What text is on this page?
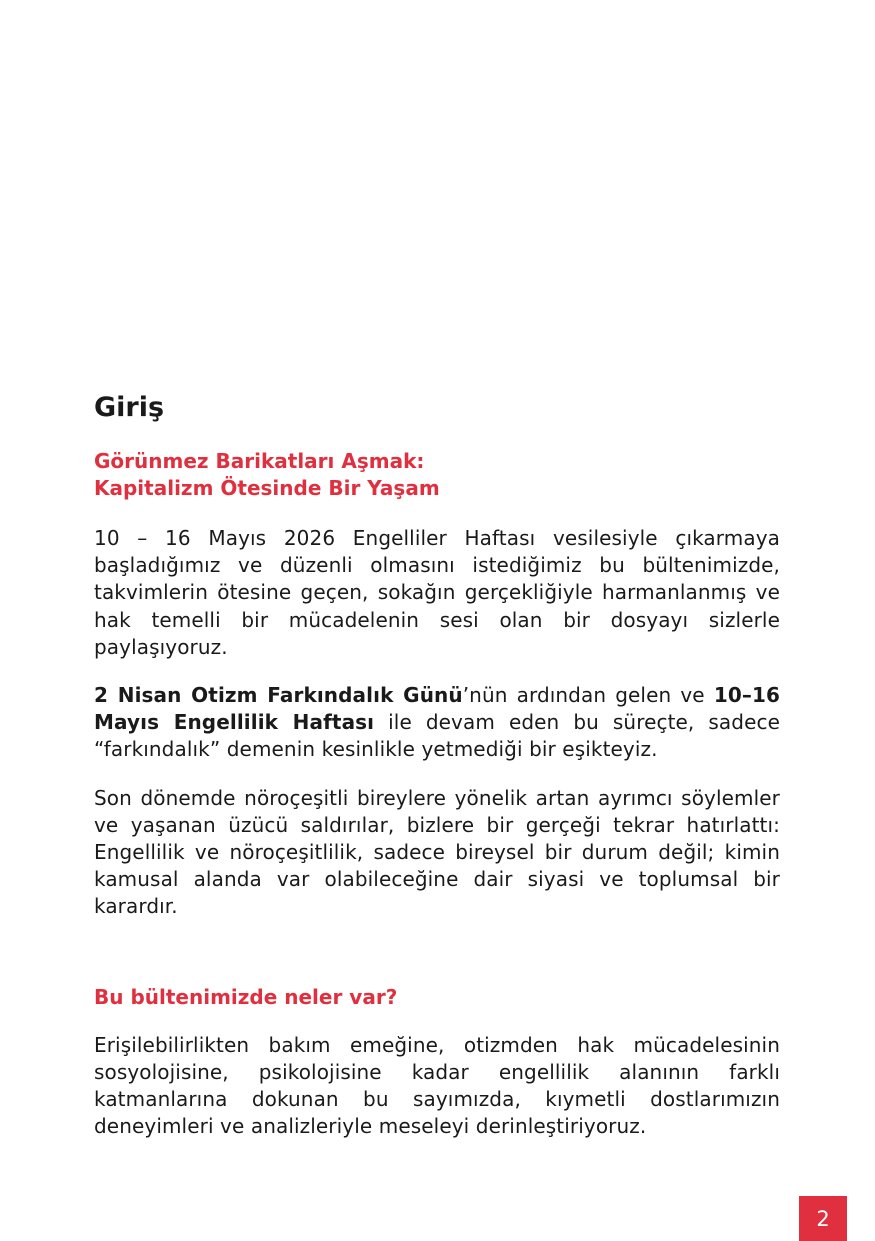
Giriş
Görünmez Barikatları Aşmak:
Kapitalizm Ötesinde Bir Yaşam

10 – 16 Mayıs 2026 Engelliler Haftası vesilesiyle çıkarmaya başladığımız ve düzenli olmasını istediğimiz bu bültenimizde, takvimlerin ötesine geçen, sokağın gerçekliğiyle harmanlanmış ve hak temelli bir mücadelenin sesi olan bir dosyayı sizlerle paylaşıyoruz.

2 Nisan Otizm Farkındalık Günü’nün ardından gelen ve 10–16 Mayıs Engellilik Haftası ile devam eden bu süreçte, sadece “farkındalık” demenin kesinlikle yetmediği bir eşikteyiz.

Son dönemde nöroçeşitli bireylere yönelik artan ayrımcı söylemler ve yaşanan üzücü saldırılar, bizlere bir gerçeği tekrar hatırlattı: Engellilik ve nöroçeşitlilik, sadece bireysel bir durum değil; kimin kamusal alanda var olabileceğine dair siyasi ve toplumsal bir karardır.

Bu bültenimizde neler var?

Erişilebilirlikten bakım emeğine, otizmden hak mücadelesinin sosyolojisine, psikolojisine kadar engellilik alanının farklı katmanlarına dokunan bu sayımızda, kıymetli dostlarımızın deneyimleri ve analizleriyle meseleyi derinleştiriyoruz.

2
